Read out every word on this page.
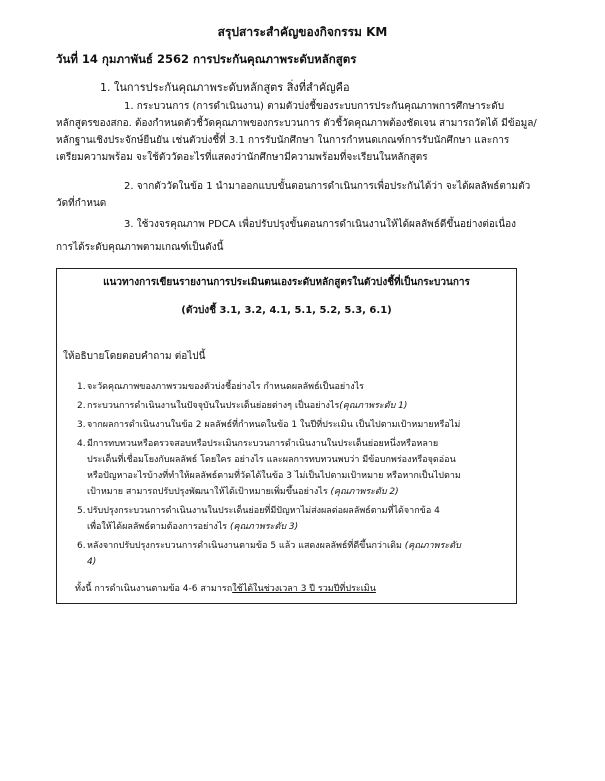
สรุปสาระสำคัญของกิจกรรม KM
วันที่ 14 กุมภาพันธ์ 2562 การประกันคุณภาพระดับหลักสูตร
1. ในการประกันคุณภาพระดับหลักสูตร สิ่งที่สำคัญคือ
1. กระบวนการ (การดำเนินงาน) ตามตัวบ่งชี้ของระบบการประกันคุณภาพการศึกษาระดับ
หลักสูตรของสกอ. ต้องกำหนดตัวชี้วัดคุณภาพของกระบวนการ ตัวชี้วัดคุณภาพต้องชัดเจน สามารถวัดได้ มีข้อมูล/
หลักฐานเชิงประจักษ์ยืนยัน เช่นตัวบ่งชี้ที่ 3.1 การรับนักศึกษา ในการกำหนดเกณฑ์การรับนักศึกษา และการ
เตรียมความพร้อม จะใช้ตัววัดอะไรที่แสดงว่านักศึกษามีความพร้อมที่จะเรียนในหลักสูตร
2. จากตัววัดในข้อ 1 นำมาออกแบบขั้นตอนการดำเนินการเพื่อประกันได้ว่า จะได้ผลลัพธ์ตามตัว
วัดที่กำหนด
3. ใช้วงจรคุณภาพ PDCA เพื่อปรับปรุงขั้นตอนการดำเนินงานให้ได้ผลลัพธ์ดีขึ้นอย่างต่อเนื่อง
การได้ระดับคุณภาพตามเกณฑ์เป็นดังนี้
แนวทางการเขียนรายงานการประเมินตนเองระดับหลักสูตรในตัวบ่งชี้ที่เป็นกระบวนการ
(ตัวบ่งชี้ 3.1, 3.2, 4.1, 5.1, 5.2, 5.3, 6.1)
ให้อธิบายโดยตอบคำถาม ต่อไปนี้
1. จะวัดคุณภาพของภาพรวมของตัวบ่งชี้อย่างไร กำหนดผลลัพธ์เป็นอย่างไร
2. กระบวนการดำเนินงานในปัจจุบันในประเด็นย่อยต่างๆ เป็นอย่างไร(คุณภาพระดับ 1)
3. จากผลการดำเนินงานในข้อ 2 ผลลัพธ์ที่กำหนดในข้อ 1 ในปีที่ประเมิน เป็นไปตามเป้าหมายหรือไม่
4. มีการทบทวนหรือตรวจสอบหรือประเมินกระบวนการดำเนินงานในประเด็นย่อยหนึ่งหรือหลาย
ประเด็นที่เชื่อมโยงกับผลลัพธ์ โดยใคร อย่างไร และผลการทบทวนพบว่า มีข้อบกพร่องหรือจุดอ่อน
หรือปัญหาอะไรบ้างที่ทำให้ผลลัพธ์ตามที่วัดได้ในข้อ 3 ไม่เป็นไปตามเป้าหมาย หรือหากเป็นไปตาม
เป้าหมาย สามารถปรับปรุงพัฒนาให้ได้เป้าหมายเพิ่มขึ้นอย่างไร (คุณภาพระดับ 2)
5. ปรับปรุงกระบวนการดำเนินงานในประเด็นย่อยที่มีปัญหาไม่ส่งผลต่อผลลัพธ์ตามที่ได้จากข้อ 4
เพื่อให้ได้ผลลัพธ์ตามต้องการอย่างไร (คุณภาพระดับ 3)
6. หลังจากปรับปรุงกระบวนการดำเนินงานตามข้อ 5 แล้ว แสดงผลลัพธ์ที่ดีขึ้นกว่าเดิม (คุณภาพระดับ
4)
ทั้งนี้ การดำเนินงานตามข้อ 4-6 สามารถใช้ได้ในช่วงเวลา 3 ปี รวมปีที่ประเมิน
